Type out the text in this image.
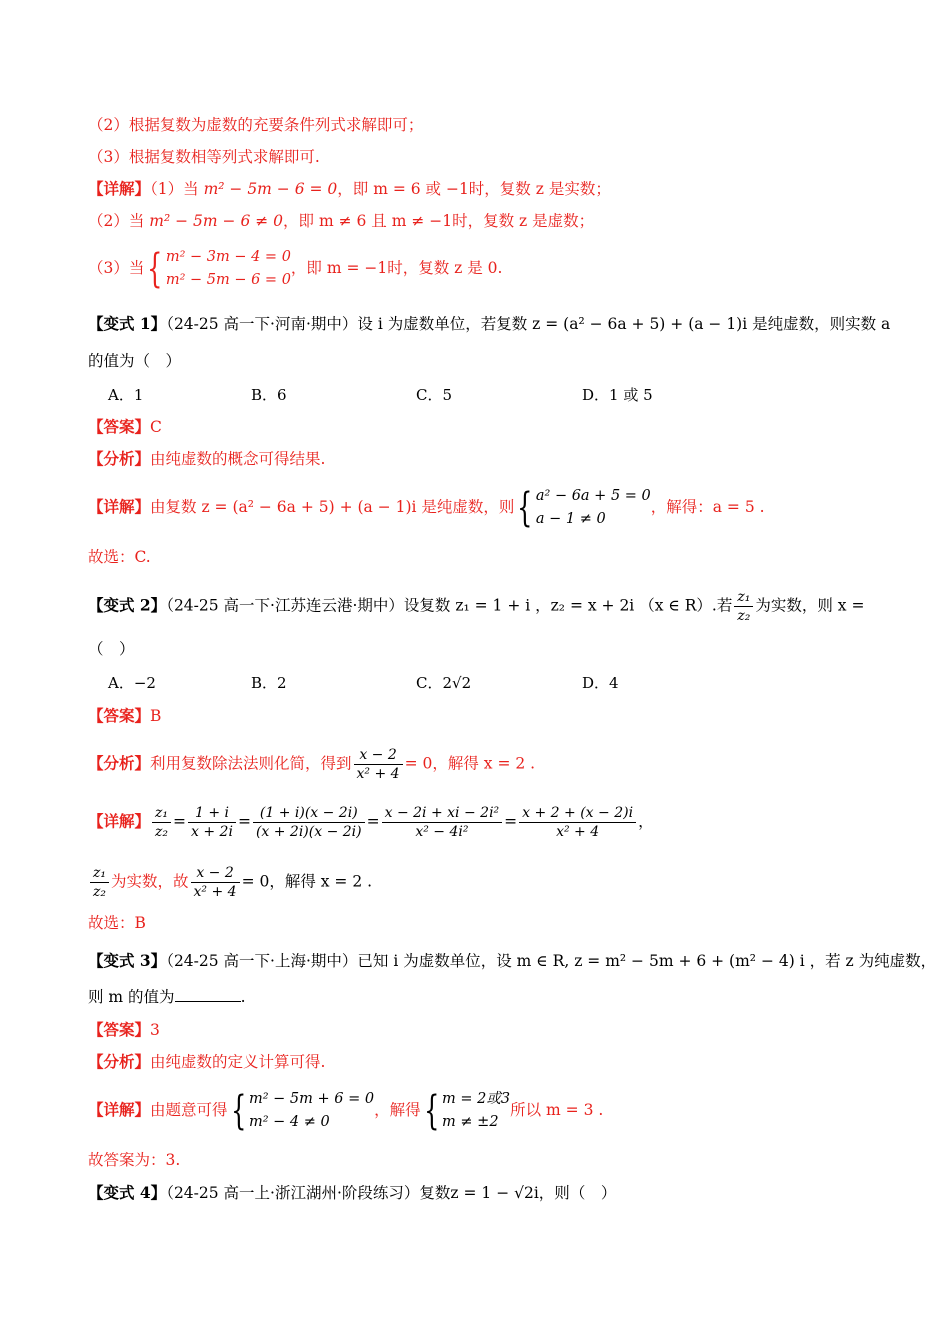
（2）根据复数为虚数的充要条件列式求解即可；
（3）根据复数相等列式求解即可.
【详解】（1）当 m² − 5m − 6 = 0，即 m = 6 或 −1时，复数 z 是实数；
（2）当 m² − 5m − 6 ≠ 0，即 m ≠ 6 且 m ≠ −1时，复数 z 是虚数；
（3）当{ m² − 3m − 4 = 0
m² − 5m − 6 = 0
，即 m = −1时，复数 z 是 0.
【变式 1】（24-25 高一下·河南·期中）设 i 为虚数单位，若复数 z = (a² − 6a + 5) + (a − 1)i 是纯虚数，则实数 a
的值为（　）
A．1	B．6	C．5	D．1 或 5
【答案】C
【分析】由纯虚数的概念可得结果.
【详解】由复数 z = (a² − 6a + 5) + (a − 1)i 是纯虚数，则{ a² − 6a + 5 = 0
a − 1 ≠ 0
，解得：a = 5 .
故选：C.
【变式 2】（24-25 高一下·江苏连云港·期中）设复数 z₁ = 1 + i ，z₂ = x + 2i （x ∈ R）.若 $\frac{\text{z₁}}{\text{z₂}}$ 为实数，则 x =
（　）
A．−2	B．2	C．2√2	D．4
【答案】B
【分析】利用复数除法法则化简，得到 $\frac{x - 2}{\text{x² + 4}} = 0$，解得 x = 2 .
【详解】 $\frac{\text{z₁}}{\text{z₂}} = \frac{1 + i}{x + 2i} = \frac{(1 + i)(x - 2i)}{(x + 2i)(x - 2i)} = \frac{\text{x − 2i + xi − 2i²}}{\text{x² − 4i²}} = \frac{x + 2 + (x - 2)i}{\text{x² + 4}}$ ，
$\frac{\text{z₁}}{\text{z₂}}$ 为实数，故 $\frac{x - 2}{\text{x² + 4}} = 0$，解得 x = 2 .
故选：B
【变式 3】（24-25 高一下·上海·期中）已知 i 为虚数单位，设 m ∈ R, z = m² − 5m + 6 + (m² − 4) i ，若 z 为纯虚数，
则 m 的值为	.
【答案】3
【分析】由纯虚数的定义计算可得.
【详解】由题意可得{ m² − 5m + 6 = 0
m² − 4 ≠ 0
，解得{ m = 2或3
m ≠ ±2
所以 m = 3 .
故答案为：3.
【变式 4】（24-25 高一上·浙江湖州·阶段练习）复数z = 1 − √2i，则（　）
